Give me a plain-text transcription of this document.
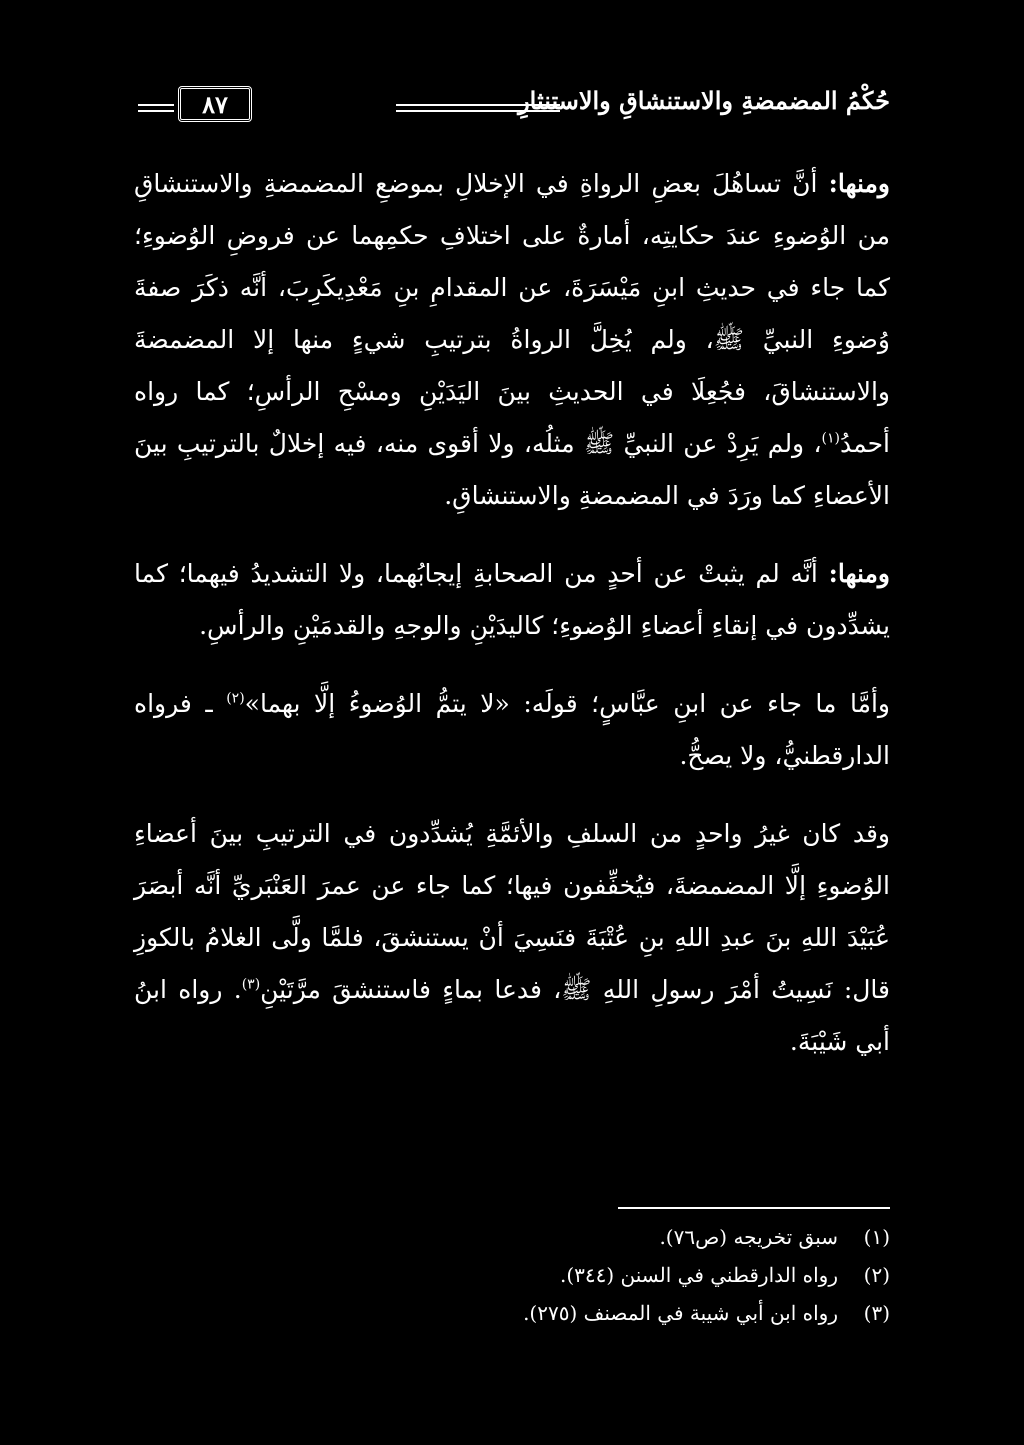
حُكْمُ المضمضةِ والاستنشاقِ والاستنثارِ
٨٧

ومنها: أنَّ تساهُلَ بعضِ الرواةِ في الإخلالِ بموضعِ المضمضةِ والاستنشاقِ من الوُضوءِ عندَ حكايتِه، أمارةٌ على اختلافِ حكمِهما عن فروضِ الوُضوءِ؛ كما جاء في حديثِ ابنِ مَيْسَرَةَ، عن المقدامِ بنِ مَعْدِيكَرِبَ، أنَّه ذكَرَ صفةَ وُضوءِ النبيِّ ﷺ، ولم يُخِلَّ الرواةُ بترتيبِ شيءٍ منها إلا المضمضةَ والاستنشاقَ، فجُعِلَا في الحديثِ بينَ اليَدَيْنِ ومسْحِ الرأسِ؛ كما رواه أحمدُ$^{(١)}$، ولم يَرِدْ عن النبيِّ ﷺ مثلُه، ولا أقوى منه، فيه إخلالٌ بالترتيبِ بينَ الأعضاءِ كما ورَدَ في المضمضةِ والاستنشاقِ.

ومنها: أنَّه لم يثبتْ عن أحدٍ من الصحابةِ إيجابُهما، ولا التشديدُ فيهما؛ كما يشدِّدون في إنقاءِ أعضاءِ الوُضوءِ؛ كاليدَيْنِ والوجهِ والقدمَيْنِ والرأسِ.

وأمَّا ما جاء عن ابنِ عبَّاسٍ؛ قولَه: «لا يتمُّ الوُضوءُ إلَّا بهما»$^{(٢)}$ ـ فرواه الدارقطنيُّ، ولا يصحُّ.

وقد كان غيرُ واحدٍ من السلفِ والأئمَّةِ يُشدِّدون في الترتيبِ بينَ أعضاءِ الوُضوءِ إلَّا المضمضةَ، فيُخفِّفون فيها؛ كما جاء عن عمرَ العَنْبَريِّ أنَّه أبصَرَ عُبَيْدَ اللهِ بنَ عبدِ اللهِ بنِ عُتْبَةَ فنَسِيَ أنْ يستنشقَ، فلمَّا ولَّى الغلامُ بالكوزِ قال: نَسِيتُ أمْرَ رسولِ اللهِ ﷺ، فدعا بماءٍ فاستنشقَ مرَّتَيْنِ$^{(٣)}$. رواه ابنُ أبي شَيْبَةَ.

(١)
سبق تخريجه (ص٧٦).
(٢)
رواه الدارقطني في السنن (٣٤٤).
(٣)
رواه ابن أبي شيبة في المصنف (٢٧٥).
